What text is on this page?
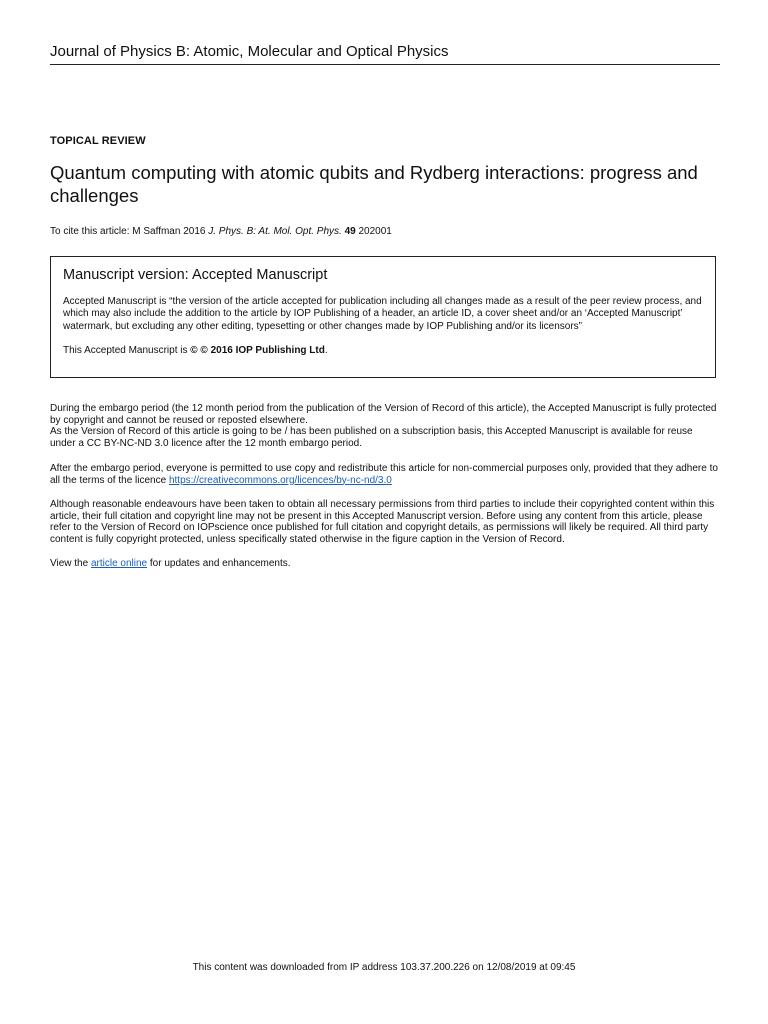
Journal of Physics B: Atomic, Molecular and Optical Physics
TOPICAL REVIEW
Quantum computing with atomic qubits and Rydberg interactions: progress and challenges
To cite this article: M Saffman 2016 J. Phys. B: At. Mol. Opt. Phys. 49 202001
Manuscript version: Accepted Manuscript
Accepted Manuscript is “the version of the article accepted for publication including all changes made as a result of the peer review process, and which may also include the addition to the article by IOP Publishing of a header, an article ID, a cover sheet and/or an ‘Accepted Manuscript’ watermark, but excluding any other editing, typesetting or other changes made by IOP Publishing and/or its licensors”
This Accepted Manuscript is © © 2016 IOP Publishing Ltd.
During the embargo period (the 12 month period from the publication of the Version of Record of this article), the Accepted Manuscript is fully protected by copyright and cannot be reused or reposted elsewhere.
As the Version of Record of this article is going to be / has been published on a subscription basis, this Accepted Manuscript is available for reuse under a CC BY-NC-ND 3.0 licence after the 12 month embargo period.
After the embargo period, everyone is permitted to use copy and redistribute this article for non-commercial purposes only, provided that they adhere to all the terms of the licence https://creativecommons.org/licences/by-nc-nd/3.0
Although reasonable endeavours have been taken to obtain all necessary permissions from third parties to include their copyrighted content within this article, their full citation and copyright line may not be present in this Accepted Manuscript version. Before using any content from this article, please refer to the Version of Record on IOPscience once published for full citation and copyright details, as permissions will likely be required. All third party content is fully copyright protected, unless specifically stated otherwise in the figure caption in the Version of Record.
View the article online for updates and enhancements.
This content was downloaded from IP address 103.37.200.226 on 12/08/2019 at 09:45
